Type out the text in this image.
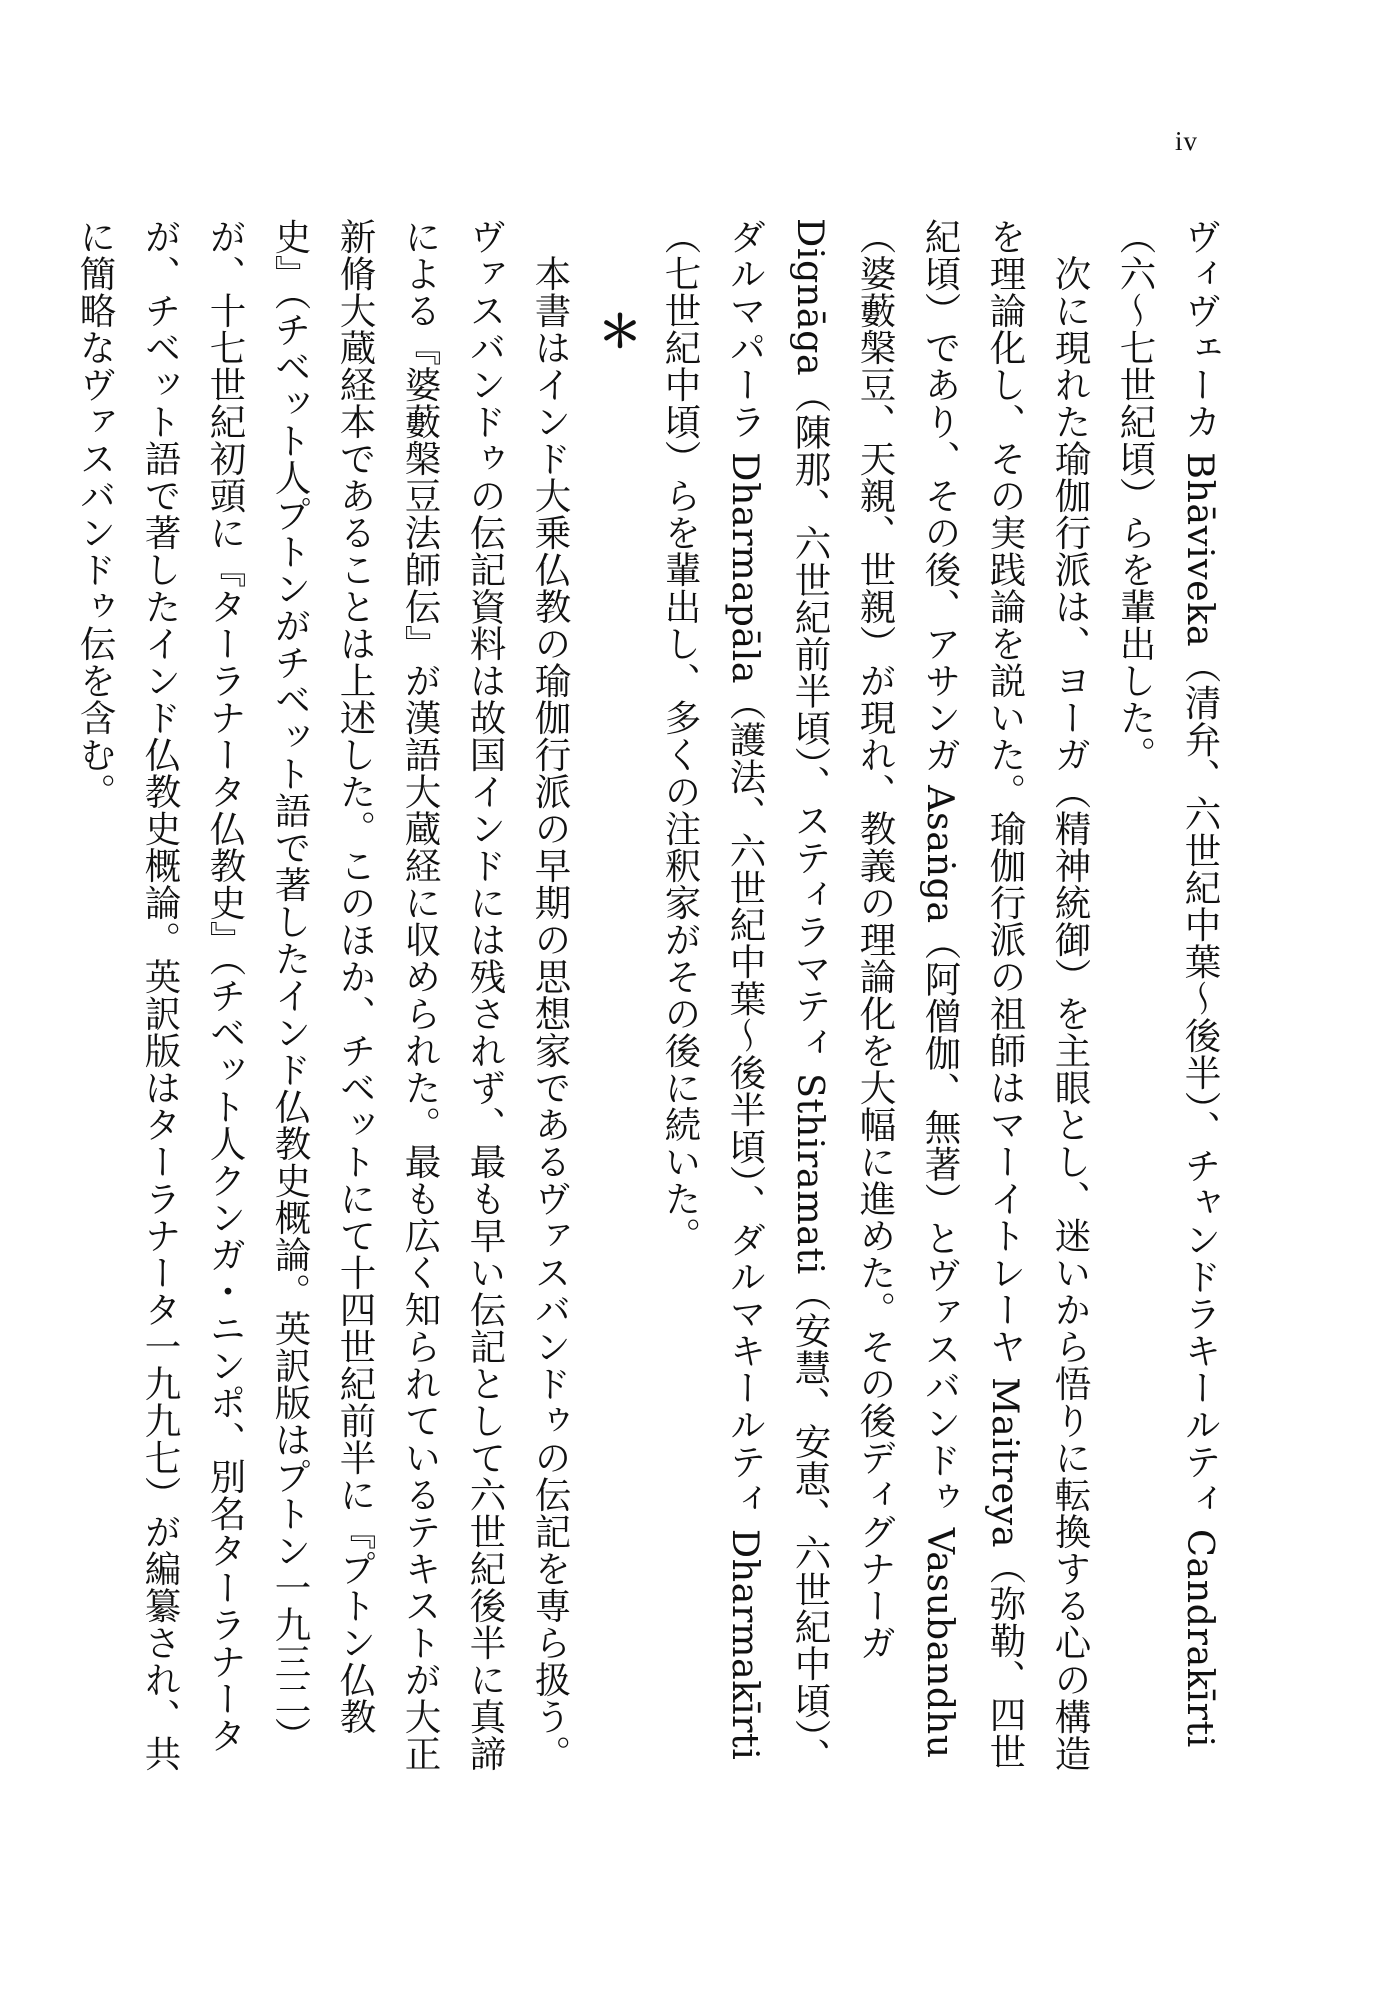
iv

ヴィヴェーカ Bhāviveka（清弁、六世紀中葉～後半）、チャンドラキールティ Candrakīrti（六～七世紀頃）らを輩出した。

次に現れた瑜伽行派は、ヨーガ（精神統御）を主眼とし、迷いから悟りに転換する心の構造を理論化し、その実践論を説いた。瑜伽行派の祖師はマーイトレーヤ Maitreya（弥勒、四世紀頃）であり、その後、アサンガ Asaṅga（阿僧伽、無著）とヴァスバンドゥ Vasubandhu（婆藪槃豆、天親、世親）が現れ、教義の理論化を大幅に進めた。その後ディグナーガ Dignāga（陳那、六世紀前半頃）、スティラマティ Sthiramati（安慧、安恵、六世紀中頃）、ダルマパーラ Dharmapāla（護法、六世紀中葉～後半頃）、ダルマキールティ Dharmakīrti（七世紀中頃）らを輩出し、多くの注釈家がその後に続いた。

＊

本書はインド大乗仏教の瑜伽行派の早期の思想家であるヴァスバンドゥの伝記を専ら扱う。ヴァスバンドゥの伝記資料は故国インドには残されず、最も早い伝記として六世紀後半に真諦による『婆藪槃豆法師伝』が漢語大蔵経に収められた。最も広く知られているテキストが大正新脩大蔵経本であることは上述した。このほか、チベットにて十四世紀前半に『プトン仏教史』（チベット人プトンがチベット語で著したインド仏教史概論。英訳版はプトン一九三二）が、十七世紀初頭に『ターラナータ仏教史』（チベット人クンガ・ニンポ、別名ターラナータが、チベット語で著したインド仏教史概論。英訳版はターラナータ一九九七）が編纂され、共に簡略なヴァスバンドゥ伝を含む。
